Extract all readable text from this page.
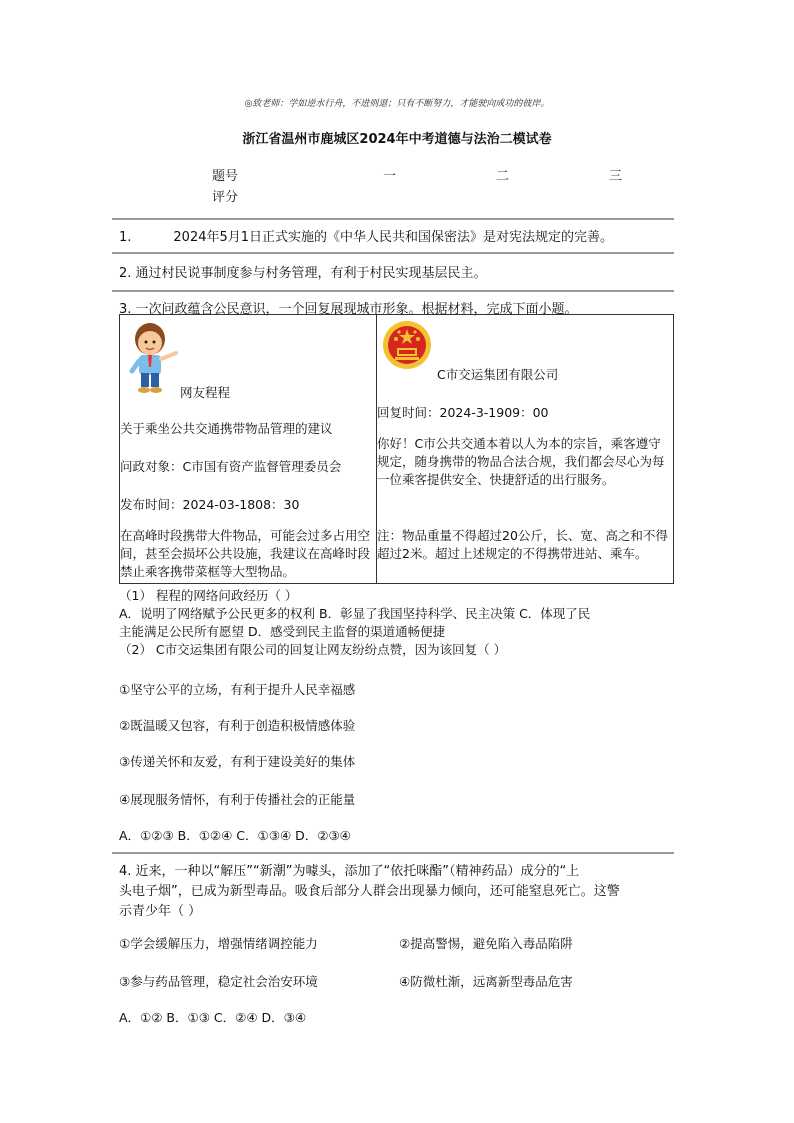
◎致老师：学如逆水行舟，不进则退；只有不断努力，才能驶向成功的彼岸。
浙江省温州市鹿城区2024年中考道德与法治二模试卷
题号	一	二	三
评分
1.	2024年5月1日正式实施的《中华人民共和国保密法》是对宪法规定的完善。
2. 通过村民说事制度参与村务管理，有利于村民实现基层民主。
3. 一次问政蕴含公民意识，一个回复展现城市形象。根据材料，完成下面小题。
网友程程
关于乘坐公共交通携带物品管理的建议
问政对象：C市国有资产监督管理委员会
发布时间：2024-03-1808：30
在高峰时段携带大件物品，可能会过多占用空间，甚至会损坏公共设施，我建议在高峰时段禁止乘客携带菜框等大型物品。

C市交运集团有限公司
回复时间：2024-3-1909：00
你好！C市公共交通本着以人为本的宗旨，乘客遵守规定，随身携带的物品合法合规，我们都会尽心为每一位乘客提供安全、快捷舒适的出行服务。
注：物品重量不得超过20公斤，长、宽、高之和不得超过2米。超过上述规定的不得携带进站、乘车。
（1） 程程的网络问政经历（ ）
A．说明了网络赋予公民更多的权利 B．彰显了我国坚持科学、民主决策 C．体现了民
主能满足公民所有愿望 D．感受到民主监督的渠道通畅便捷
（2） C市交运集团有限公司的回复让网友纷纷点赞，因为该回复（ ）
①坚守公平的立场，有利于提升人民幸福感
②既温暖又包容，有利于创造积极情感体验
③传递关怀和友爱，有利于建设美好的集体
④展现服务情怀，有利于传播社会的正能量
A．①②③ B．①②④ C．①③④ D．②③④
4. 近来，一种以“解压”“新潮”为噱头，添加了“依托咪酯”（精神药品）成分的“上
头电子烟”，已成为新型毒品。吸食后部分人群会出现暴力倾向，还可能窒息死亡。这警
示青少年（ ）
①学会缓解压力，增强情绪调控能力	②提高警惕，避免陷入毒品陷阱
③参与药品管理，稳定社会治安环境	④防微杜渐，远离新型毒品危害
A．①② B．①③ C．②④ D．③④
